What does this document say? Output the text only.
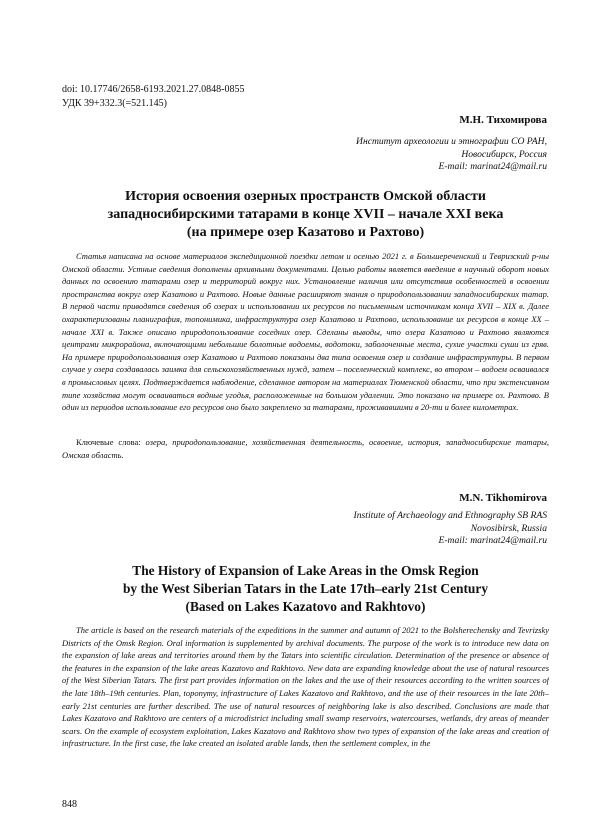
doi: 10.17746/2658-6193.2021.27.0848-0855
УДК 39+332.3(=521.145)
М.Н. Тихомирова
Институт археологии и этнографии СО РАН,
Новосибирск, Россия
E-mail: marinat24@mail.ru
История освоения озерных пространств Омской области
западносибирскими татарами в конце XVII – начале XXI века
(на примере озер Казатово и Рахтово)

Статья написана на основе материалов экспедиционной поездки летом и осенью 2021 г. в Большереченский и Тевризский р-ны Омской области. Устные сведения дополнены архивными документами. Целью работы является введение в научный оборот новых данных по освоению татарами озер и территорий вокруг них. Установление наличия или отсутствия особенностей в освоении пространства вокруг озер Казатово и Рахтово. Новые данные расширяют знания о природопользовании западносибирских татар. В первой части приводятся сведения об озерах и использовании их ресурсов по письменным источникам конца XVII – XIX в. Далее охарактеризованы планиграфия, топонимика, инфраструктура озер Казатово и Рахтово, использование их ресурсов в конце XX – начале XXI в. Также описано природопользование соседних озер. Сделаны выводы, что озера Казатово и Рахтово являются центрами микрорайона, включающими небольшие болотные водоемы, водотоки, заболоченные места, сухие участки суши из гряв. На примере природопользования озер Казатово и Рахтово показаны два типа освоения озер и создание инфраструктуры. В первом случае у озера создавалась заимка для сельскохозяйственных нужд, затем – поселенческий комплекс, во втором – водоем осваивался в промысловых целях. Подтверждается наблюдение, сделанное автором на материалах Тюменской области, что при экстенсивном типе хозяйства могут осваиваться водные угодья, расположенные на большом удалении. Это показано на примере оз. Рахтово. В один из периодов использование его ресурсов оно было закреплено за татарами, проживавшими в 20-ти и более километрах.

Ключевые слова: озера, природопользование, хозяйственная деятельность, освоение, история, западносибирские татары, Омская область.

M.N. Tikhomirova
Institute of Archaeology and Ethnography SB RAS
Novosibirsk, Russia
E-mail: marinat24@mail.ru
The History of Expansion of Lake Areas in the Omsk Region
by the West Siberian Tatars in the Late 17th–early 21st Century
(Based on Lakes Kazatovo and Rakhtovo)

The article is based on the research materials of the expeditions in the summer and autumn of 2021 to the Bolsherechensky and Tevrizsky Districts of the Omsk Region. Oral information is supplemented by archival documents. The purpose of the work is to introduce new data on the expansion of lake areas and territories around them by the Tatars into scientific circulation. Determination of the presence or absence of the features in the expansion of the lake areas Kazatovo and Rakhtovo. New data are expanding knowledge about the use of natural resources of the West Siberian Tatars. The first part provides information on the lakes and the use of their resources according to the written sources of the late 18th–19th centuries. Plan, toponymy, infrastructure of Lakes Kazatovo and Rakhtovo, and the use of their resources in the late 20th–early 21st centuries are further described. The use of natural resources of neighboring lake is also described. Conclusions are made that Lakes Kazatovo and Rakhtovo are centers of a microdistrict including small swamp reservoirs, watercourses, wetlands, dry areas of meander scars. On the example of ecosystem exploitation, Lakes Kazatovo and Rakhtovo show two types of expansion of the lake areas and creation of infrastructure. In the first case, the lake created an isolated arable lands, then the settlement complex, in the

848
